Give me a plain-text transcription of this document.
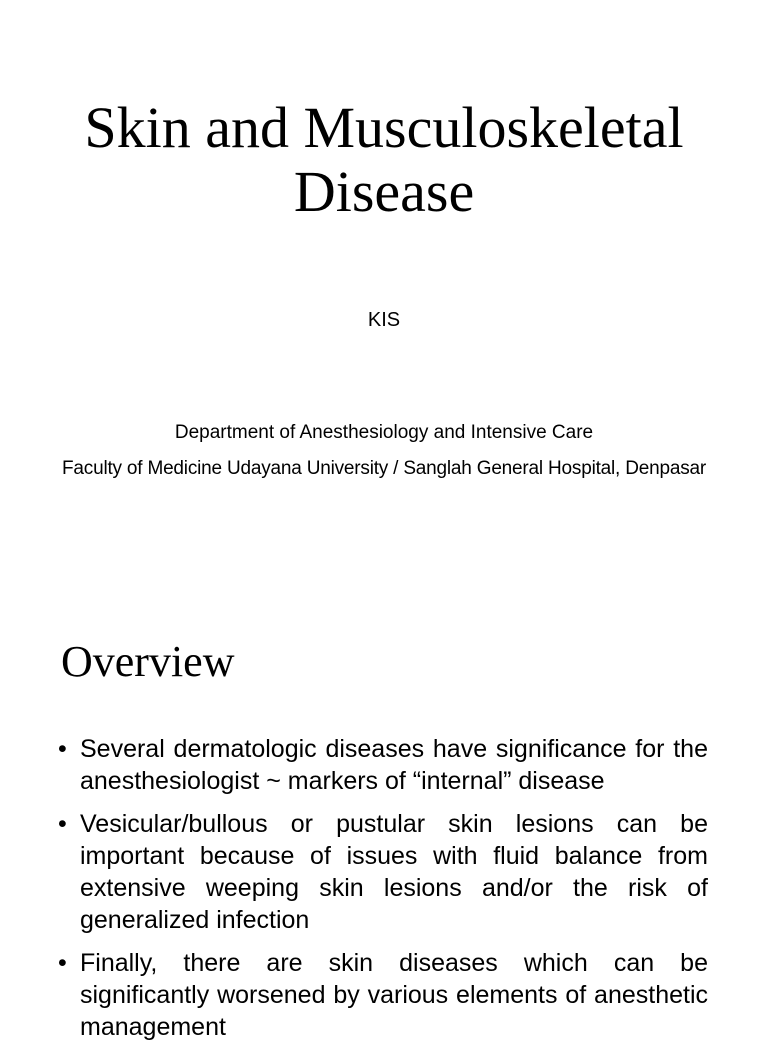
Skin and Musculoskeletal
Disease
KIS
Department of Anesthesiology and Intensive Care
Faculty of Medicine Udayana University / Sanglah General Hospital, Denpasar
Overview
• Several dermatologic diseases have significance for the anesthesiologist ~ markers of “internal” disease
• Vesicular/bullous or pustular skin lesions can be important because of issues with fluid balance from extensive weeping skin lesions and/or the risk of generalized infection
• Finally, there are skin diseases which can be significantly worsened by various elements of anesthetic management
